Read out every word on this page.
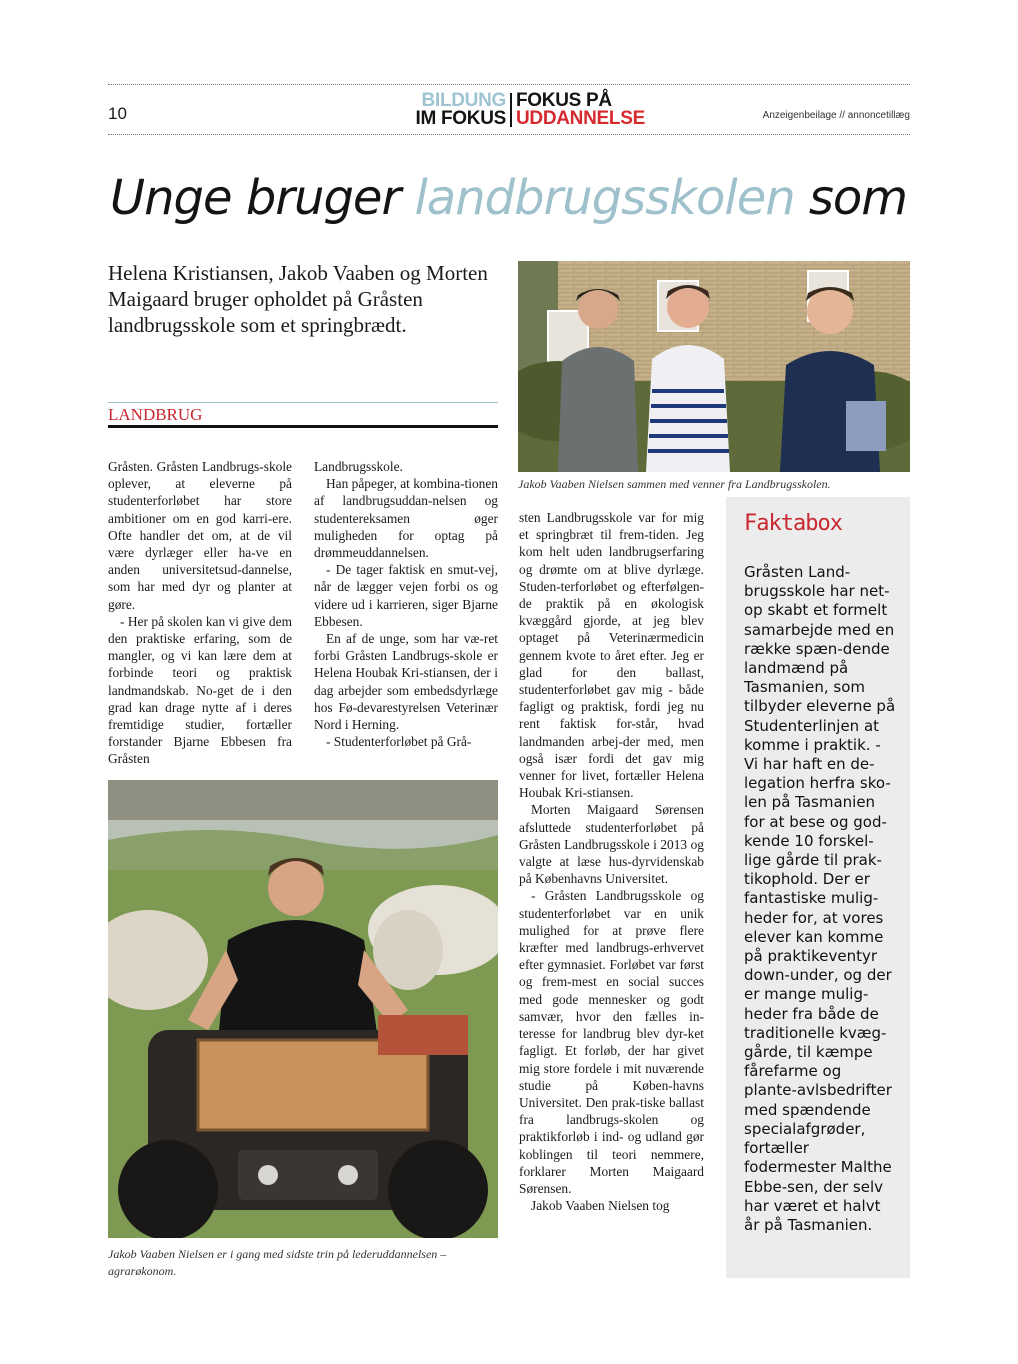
10
BILDUNG
IM FOKUS
FOKUS PÅ
UDDANNELSE	Anzeigenbeilage // annoncetillæg
Unge bruger landbrugsskolen som
Helena Kristiansen, Jakob Vaaben og Morten Maigaard bruger opholdet på Gråsten landbrugsskole som et springbrædt.
LANDBRUG
Jakob Vaaben Nielsen sammen med venner fra Landbrugsskolen.

Gråsten. Gråsten Landbrugs-skole oplever, at eleverne på studenterforløbet har store ambitioner om en god karri-ere. Ofte handler det om, at de vil være dyrlæger eller ha-ve en anden universitetsud-dannelse, som har med dyr og planter at gøre.

- Her på skolen kan vi give dem den praktiske erfaring, som de mangler, og vi kan lære dem at forbinde teori og praktisk landmandskab. No-get de i den grad kan drage nytte af i deres fremtidige studier, fortæller forstander Bjarne Ebbesen fra Gråsten

Landbrugsskole.

Han påpeger, at kombina-tionen af landbrugsuddan-nelsen og studentereksamen øger muligheden for optag på drømmeuddannelsen.

- De tager faktisk en smut-vej, når de lægger vejen forbi os og videre ud i karrieren, siger Bjarne Ebbesen.

En af de unge, som har væ-ret forbi Gråsten Landbrugs-skole er Helena Houbak Kri-stiansen, der i dag arbejder som embedsdyrlæge hos Fø-devarestyrelsen Veterinær Nord i Herning.

- Studenterforløbet på Grå-

Jakob Vaaben Nielsen er i gang med sidste trin på lederuddannelsen – agrarøkonom.

sten Landbrugsskole var for mig et springbræt til frem-tiden. Jeg kom helt uden landbrugserfaring og drømte om at blive dyrlæge. Studen-terforløbet og efterfølgen-de praktik på en økologisk kvæggård gjorde, at jeg blev optaget på Veterinærmedicin gennem kvote to året efter. Jeg er glad for den ballast, studenterforløbet gav mig - både fagligt og praktisk, fordi jeg nu rent faktisk for-står, hvad landmanden arbej-der med, men også især fordi det gav mig venner for livet, fortæller Helena Houbak Kri-stiansen.

Morten Maigaard Sørensen afsluttede studenterforløbet på Gråsten Landbrugsskole i 2013 og valgte at læse hus-dyrvidenskab på Københavns Universitet.

- Gråsten Landbrugsskole og studenterforløbet var en unik mulighed for at prøve flere kræfter med landbrugs-erhvervet efter gymnasiet. Forløbet var først og frem-mest en social succes med gode mennesker og godt samvær, hvor den fælles in-teresse for landbrug blev dyr-ket fagligt. Et forløb, der har givet mig store fordele i mit nuværende studie på Køben-havns Universitet. Den prak-tiske ballast fra landbrugs-skolen og praktikforløb i ind- og udland gør koblingen til teori nemmere, forklarer Morten Maigaard Sørensen.

Jakob Vaaben Nielsen tog

Faktabox
Gråsten Land-brugsskole har net-op skabt et formelt samarbejde med en række spæn-dende landmænd på Tasmanien, som tilbyder eleverne på Studenterlinjen at komme i praktik. - Vi har haft en de-legation herfra sko-len på Tasmanien for at bese og god-kende 10 forskel-lige gårde til prak-tikophold. Der er fantastiske mulig-heder for, at vores elever kan komme på praktikeventyr down-under, og der er mange mulig-heder fra både de traditionelle kvæg-gårde, til kæmpe fårefarme og plante-avlsbedrifter med spændende specialafgrøder, fortæller fodermester Malthe Ebbe-sen, der selv har været et halvt år på Tasmanien.
